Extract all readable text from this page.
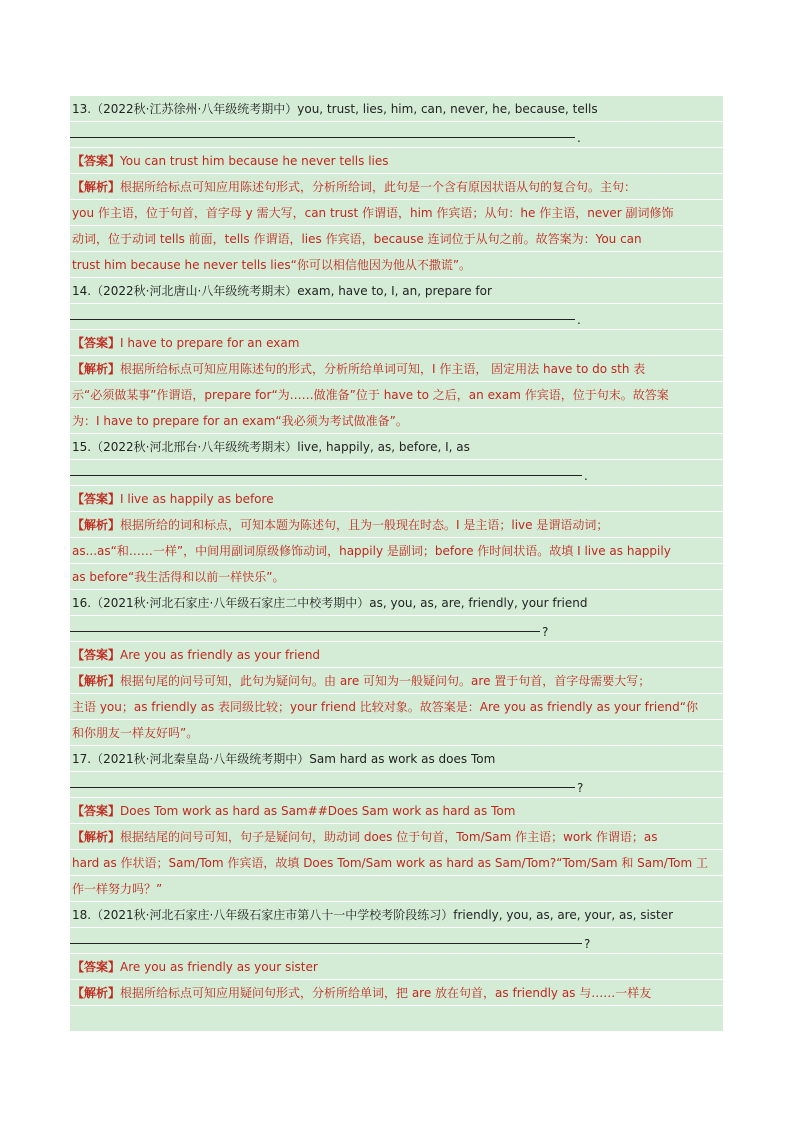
13.（2022秋·江苏徐州·八年级统考期中）you, trust, lies, him, can, never, he, because, tells
.
【答案】You can trust him because he never tells lies
【解析】根据所给标点可知应用陈述句形式，分析所给词，此句是一个含有原因状语从句的复合句。主句：
you 作主语，位于句首，首字母 y 需大写，can trust 作谓语，him 作宾语；从句：he 作主语，never 副词修饰
动词，位于动词 tells 前面，tells 作谓语，lies 作宾语，because 连词位于从句之前。故答案为：You can
trust him because he never tells lies“你可以相信他因为他从不撒谎”。
14.（2022秋·河北唐山·八年级统考期末）exam, have to, I, an, prepare for
.
【答案】I have to prepare for an exam
【解析】根据所给标点可知应用陈述句的形式，分析所给单词可知，I 作主语， 固定用法 have to do sth 表
示“必须做某事”作谓语，prepare for“为……做准备”位于 have to 之后，an exam 作宾语，位于句末。故答案
为：I have to prepare for an exam“我必须为考试做准备”。
15.（2022秋·河北邢台·八年级统考期末）live, happily, as, before, I, as
.
【答案】I live as happily as before
【解析】根据所给的词和标点，可知本题为陈述句，且为一般现在时态。I 是主语；live 是谓语动词；
as...as“和……一样”，中间用副词原级修饰动词，happily 是副词；before 作时间状语。故填 I live as happily
as before“我生活得和以前一样快乐”。
16.（2021秋·河北石家庄·八年级石家庄二中校考期中）as, you, as, are, friendly, your friend
?
【答案】Are you as friendly as your friend
【解析】根据句尾的问号可知，此句为疑问句。由 are 可知为一般疑问句。are 置于句首，首字母需要大写；
主语 you；as friendly as 表同级比较；your friend 比较对象。故答案是：Are you as friendly as your friend“你
和你朋友一样友好吗”。
17.（2021秋·河北秦皇岛·八年级统考期中）Sam hard as work as does Tom
?
【答案】Does Tom work as hard as Sam##Does Sam work as hard as Tom
【解析】根据结尾的问号可知，句子是疑问句，助动词 does 位于句首，Tom/Sam 作主语；work 作谓语；as
hard as 作状语；Sam/Tom 作宾语，故填 Does Tom/Sam work as hard as Sam/Tom?“Tom/Sam 和 Sam/Tom 工
作一样努力吗？”
18.（2021秋·河北石家庄·八年级石家庄市第八十一中学校考阶段练习）friendly, you, as, are, your, as, sister
?
【答案】Are you as friendly as your sister
【解析】根据所给标点可知应用疑问句形式，分析所给单词，把 are 放在句首，as friendly as 与……一样友
